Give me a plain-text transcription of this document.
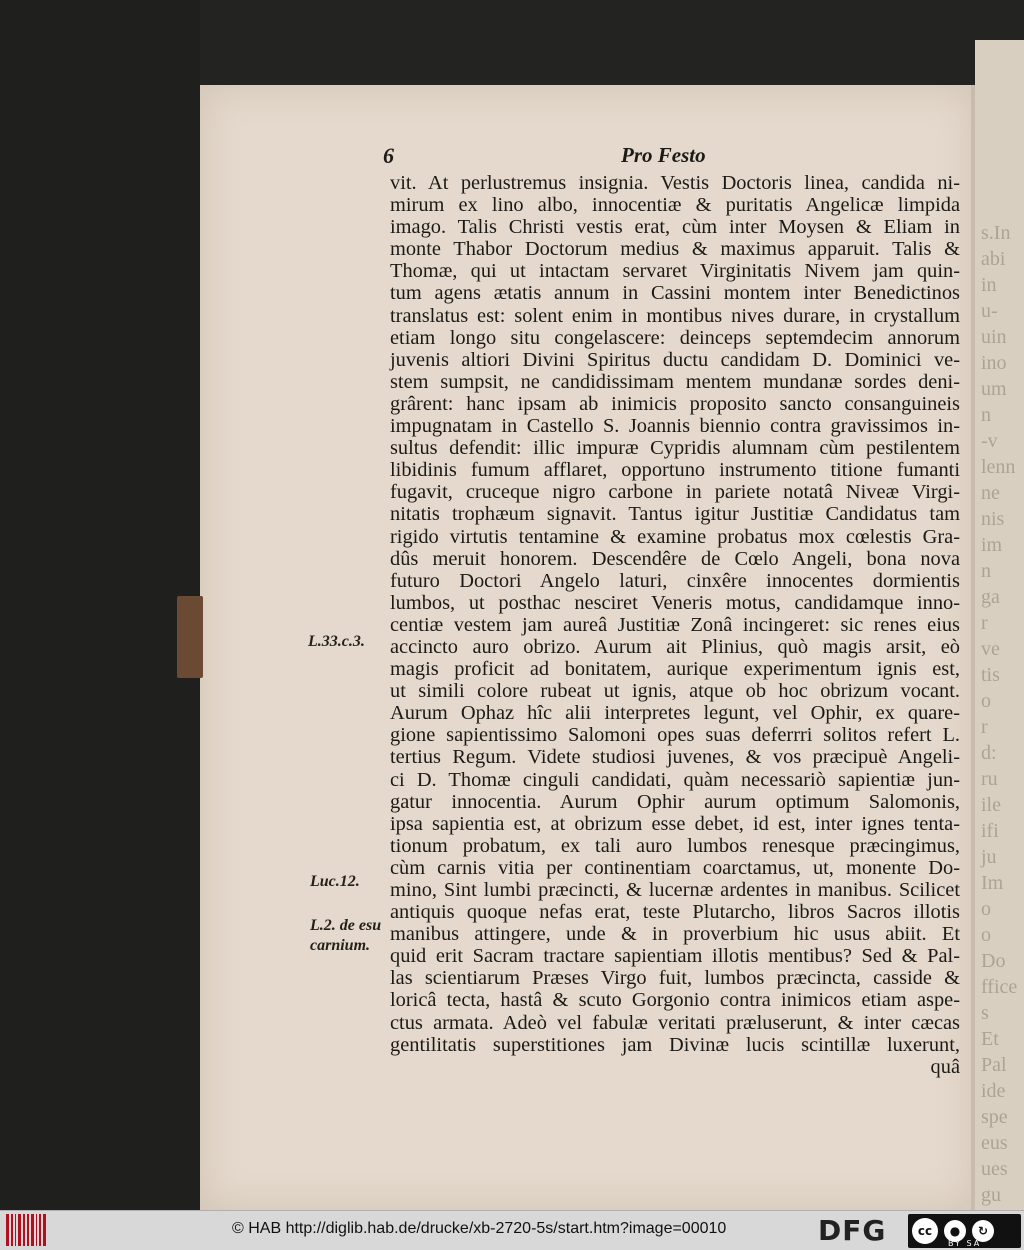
s.In
abi
in
u-
uin
ino
um
n
-v
lenn
ne
nis
im
n
ga
r
ve
tis
o
r
d:
ru
ile
ifi
ju
Im
o
o
Do
ffice
s
Et
Pal
ide
spe
eus
ues
gu
6	Pro Festo
vit. At perlustremus insignia. Vestis Doctoris linea, candida ni-
mirum ex lino albo, innocentiæ & puritatis Angelicæ limpida
imago. Talis Christi vestis erat, cùm inter Moysen & Eliam in
monte Thabor Doctorum medius & maximus apparuit. Talis &
Thomæ, qui ut intactam servaret Virginitatis Nivem jam quin-
tum agens ætatis annum in Cassini montem inter Benedictinos
translatus est: solent enim in montibus nives durare, in crystallum
etiam longo situ congelascere: deinceps septemdecim annorum
juvenis altiori Divini Spiritus ductu candidam D. Dominici ve-
stem sumpsit, ne candidissimam mentem mundanæ sordes deni-
grârent: hanc ipsam ab inimicis proposito sancto consanguineis
impugnatam in Castello S. Joannis biennio contra gravissimos in-
sultus defendit: illic impuræ Cypridis alumnam cùm pestilentem
libidinis fumum afflaret, opportuno instrumento titione fumanti
fugavit, cruceque nigro carbone in pariete notatâ Niveæ Virgi-
nitatis trophæum signavit. Tantus igitur Justitiæ Candidatus tam
rigido virtutis tentamine & examine probatus mox cœlestis Gra-
dûs meruit honorem. Descendêre de Cœlo Angeli, bona nova
futuro Doctori Angelo laturi, cinxêre innocentes dormientis
lumbos, ut posthac nesciret Veneris motus, candidamque inno-
centiæ vestem jam aureâ Justitiæ Zonâ incingeret: sic renes eius
accincto auro obrizo. Aurum ait Plinius, quò magis arsit, eò
magis proficit ad bonitatem, aurique experimentum ignis est,
ut simili colore rubeat ut ignis, atque ob hoc obrizum vocant.
Aurum Ophaz hîc alii interpretes legunt, vel Ophir, ex quare-
gione sapientissimo Salomoni opes suas deferrri solitos refert L.
tertius Regum. Videte studiosi juvenes, & vos præcipuè Angeli-
ci D. Thomæ cinguli candidati, quàm necessariò sapientiæ jun-
gatur innocentia. Aurum Ophir aurum optimum Salomonis,
ipsa sapientia est, at obrizum esse debet, id est, inter ignes tenta-
tionum probatum, ex tali auro lumbos renesque præcingimus,
cùm carnis vitia per continentiam coarctamus, ut, monente Do-
mino, Sint lumbi præcincti, & lucernæ ardentes in manibus. Scilicet
antiquis quoque nefas erat, teste Plutarcho, libros Sacros illotis
manibus attingere, unde & in proverbium hic usus abiit. Et
quid erit Sacram tractare sapientiam illotis mentibus? Sed & Pal-
las scientiarum Præses Virgo fuit, lumbos præcincta, casside &
loricâ tecta, hastâ & scuto Gorgonio contra inimicos etiam aspe-
ctus armata. Adeò vel fabulæ veritati præluserunt, & inter cæcas
gentilitatis superstitiones jam Divinæ lucis scintillæ luxerunt,
quâ
L.33.c.3.
Luc.12.
L.2. de esu
carnium.
© HAB http://diglib.hab.de/drucke/xb-2720-5s/start.htm?image=00010	DFG	cc	●	↻
BY SA
